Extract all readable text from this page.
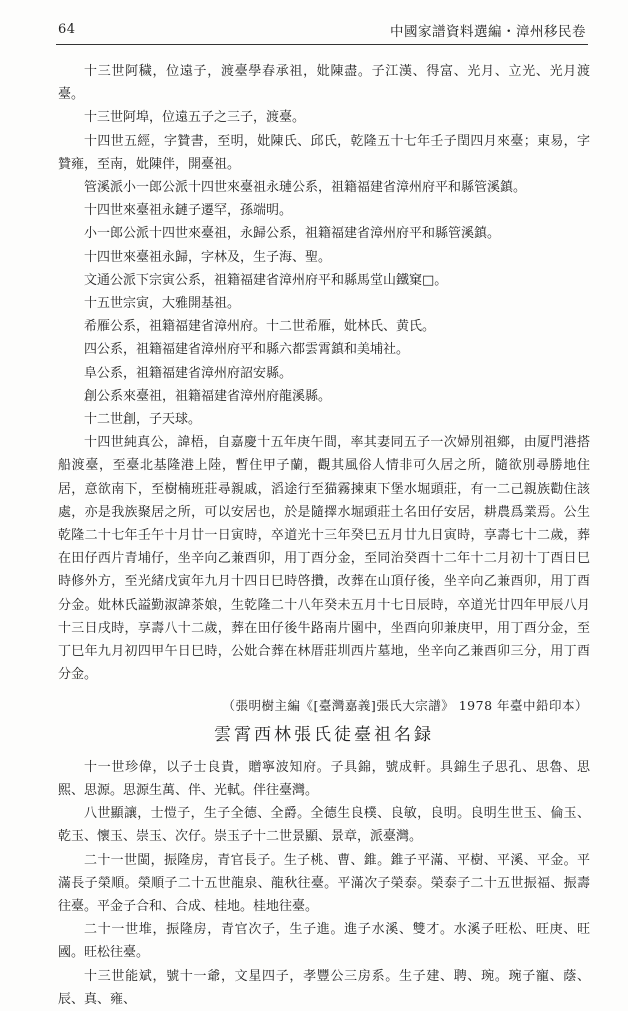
64	中國家譜資料選編・漳州移民卷

十三世阿穢，位遠子，渡臺學春承祖，妣陳盡。子江漢、得富、光月、立光、光月渡臺。

十三世阿埠，位遠五子之三子，渡臺。

十四世五經，字贊書，至明，妣陳氏、邱氏，乾隆五十七年壬子閏四月來臺；東易，字贊雍，至南，妣陳伴，開臺祖。

管溪派小一郎公派十四世來臺祖永璉公系，祖籍福建省漳州府平和縣管溪鎮。

十四世來臺祖永鏈子遷罕，孫端明。

小一郎公派十四世來臺祖，永歸公系，祖籍福建省漳州府平和縣管溪鎮。

十四世來臺祖永歸，字林及，生子海、聖。

文通公派下宗寅公系，祖籍福建省漳州府平和縣馬堂山鐵窠□。

十五世宗寅，大雅開基祖。

希雁公系，祖籍福建省漳州府。十二世希雁，妣林氏、黄氏。

四公系，祖籍福建省漳州府平和縣六都雲霄鎮和美埔社。

阜公系，祖籍福建省漳州府詔安縣。

創公系來臺祖，祖籍福建省漳州府龍溪縣。

十二世創，子天球。

十四世純真公，諱梧，自嘉慶十五年庚午間，率其妻同五子一次婦別祖鄉，由厦門港搭船渡臺，至臺北基隆港上陸，暫住甲子蘭，觀其風俗人情非可久居之所，隨欲別尋勝地住居，意欲南下，至樹楠班莊尋親戚，滔途行至猫霧揀東下堡水堀頭莊，有一二己親族勸住該處，亦是我族聚居之所，可以安居也，於是隨擇水堀頭莊土名田仔安居，耕農爲業焉。公生乾隆二十七年壬午十月廿一日寅時，卒道光十三年癸巳五月廿九日寅時，享壽七十二歲，葬在田仔西片青埔仔，坐辛向乙兼酉卯，用丁酉分金，至同治癸酉十二年十二月初十丁酉日巳時修外方，至光緒戊寅年九月十四日巳時啓攢，改葬在山頂仔後，坐辛向乙兼酉卯，用丁酉分金。妣林氏謚勤淑諱茶娘，生乾隆二十八年癸未五月十七日辰時，卒道光廿四年甲辰八月十三日戌時，享壽八十二歲，葬在田仔後牛路南片園中，坐酉向卯兼庚甲，用丁酉分金，至丁巳年九月初四甲午日巳時，公妣合葬在林厝莊圳西片墓地，坐辛向乙兼酉卯三分，用丁酉分金。

（張明樹主編《[臺灣嘉義]張氏大宗譜》 1978 年臺中鉛印本）

雲霄西林張氏徒臺祖名録

十一世珍偉，以子士良貴，贈寧波知府。子具錦，號成軒。具錦生子思孔、思魯、思熙、思源。思源生萬、伴、光軾。伴往臺灣。

八世顯讓，士愷子，生子全德、全爵。全德生良樸、良敏，良明。良明生世玉、倫玉、乾玉、懷玉、崇玉、次仔。崇玉子十二世景顯、景章，派臺灣。

二十一世閩，振隆房，青官長子。生子桃、曹、錐。錐子平滿、平樹、平溪、平金。平滿長子榮順。榮順子二十五世龍泉、龍秋往臺。平滿次子榮泰。榮泰子二十五世振福、振壽往臺。平金子合和、合成、桂地。桂地往臺。

二十一世堆，振隆房，青官次子，生子進。進子水溪、雙才。水溪子旺松、旺庚、旺國。旺松往臺。

十三世能斌，號十一爺，文星四子，孝豐公三房系。生子建、聘、琬。琬子寵、蔭、辰、真、雍、
